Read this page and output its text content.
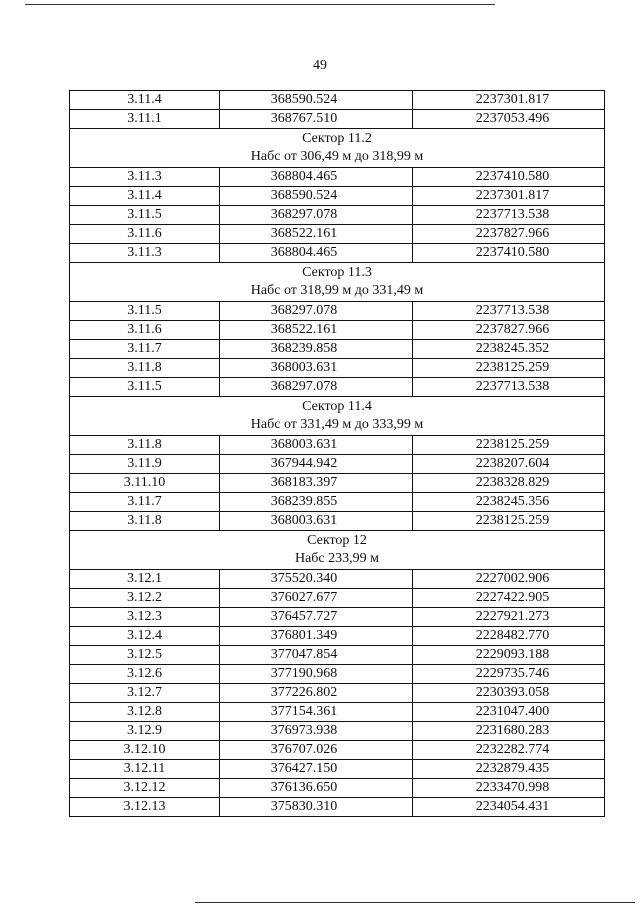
49
3.11.4	368590.524	2237301.817
3.11.1	368767.510	2237053.496

Сектор 11.2
Набс от 306,49 м до 318,99 м		

3.11.3	368804.465	2237410.580
3.11.4	368590.524	2237301.817
3.11.5	368297.078	2237713.538
3.11.6	368522.161	2237827.966
3.11.3	368804.465	2237410.580

Сектор 11.3
Набс от 318,99 м до 331,49 м		

3.11.5	368297.078	2237713.538
3.11.6	368522.161	2237827.966
3.11.7	368239.858	2238245.352
3.11.8	368003.631	2238125.259
3.11.5	368297.078	2237713.538

Сектор 11.4
Набс от 331,49 м до 333,99 м		

3.11.8	368003.631	2238125.259
3.11.9	367944.942	2238207.604
3.11.10	368183.397	2238328.829
3.11.7	368239.855	2238245.356
3.11.8	368003.631	2238125.259

Сектор 12
Набс 233,99 м		

3.12.1	375520.340	2227002.906
3.12.2	376027.677	2227422.905
3.12.3	376457.727	2227921.273
3.12.4	376801.349	2228482.770
3.12.5	377047.854	2229093.188
3.12.6	377190.968	2229735.746
3.12.7	377226.802	2230393.058
3.12.8	377154.361	2231047.400
3.12.9	376973.938	2231680.283
3.12.10	376707.026	2232282.774
3.12.11	376427.150	2232879.435
3.12.12	376136.650	2233470.998
3.12.13	375830.310	2234054.431
